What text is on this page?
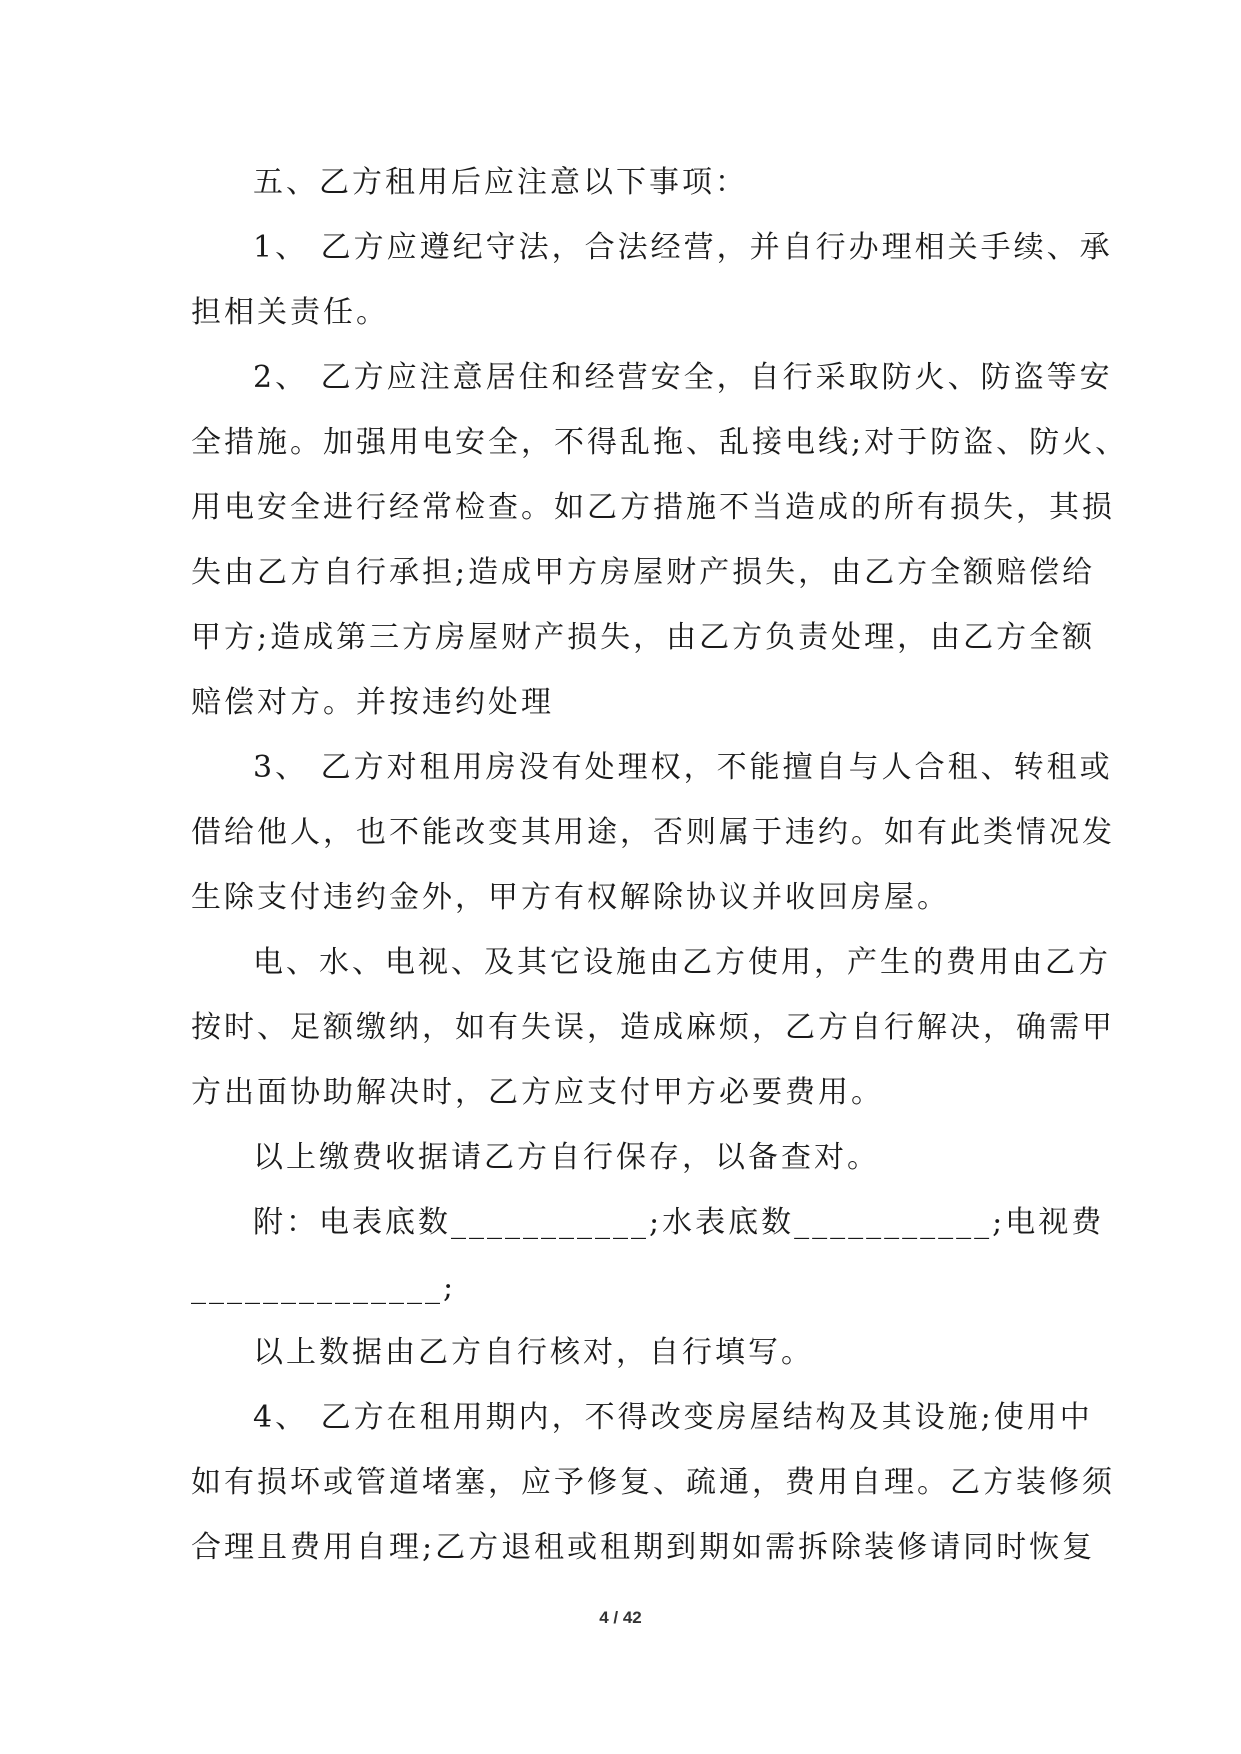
五、乙方租用后应注意以下事项：
1、 乙方应遵纪守法，合法经营，并自行办理相关手续、承
担相关责任。
2、 乙方应注意居住和经营安全，自行采取防火、防盗等安
全措施。加强用电安全，不得乱拖、乱接电线;对于防盗、防火、
用电安全进行经常检查。如乙方措施不当造成的所有损失，其损
失由乙方自行承担;造成甲方房屋财产损失，由乙方全额赔偿给
甲方;造成第三方房屋财产损失，由乙方负责处理，由乙方全额
赔偿对方。并按违约处理
3、 乙方对租用房没有处理权，不能擅自与人合租、转租或
借给他人，也不能改变其用途，否则属于违约。如有此类情况发
生除支付违约金外，甲方有权解除协议并收回房屋。
电、水、电视、及其它设施由乙方使用，产生的费用由乙方
按时、足额缴纳，如有失误，造成麻烦，乙方自行解决，确需甲
方出面协助解决时，乙方应支付甲方必要费用。
以上缴费收据请乙方自行保存，以备查对。
附：电表底数___________;水表底数___________;电视费
______________;
以上数据由乙方自行核对，自行填写。
4、 乙方在租用期内，不得改变房屋结构及其设施;使用中
如有损坏或管道堵塞，应予修复、疏通，费用自理。乙方装修须
合理且费用自理;乙方退租或租期到期如需拆除装修请同时恢复
4 / 42
